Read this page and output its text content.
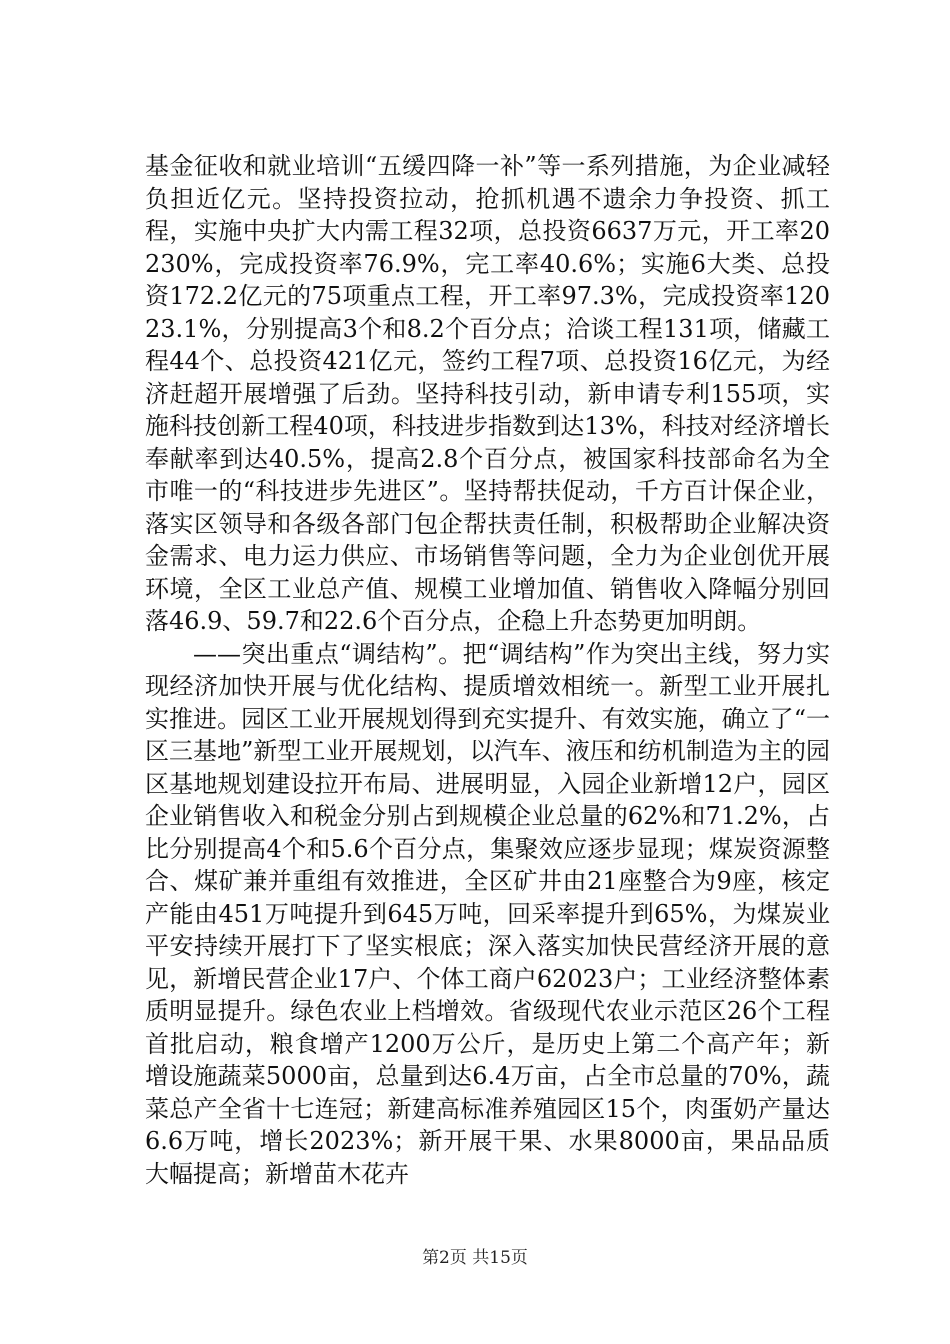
基金征收和就业培训“五缓四降一补”等一系列措施，为企业减轻负担近亿元。坚持投资拉动，抢抓机遇不遗余力争投资、抓工程，实施中央扩大内需工程32项，总投资6637万元，开工率20230%，完成投资率76.9%，完工率40.6%；实施6大类、总投资172.2亿元的75项重点工程，开工率97.3%，完成投资率12023.1%，分别提高3个和8.2个百分点；洽谈工程131项，储藏工程44个、总投资421亿元，签约工程7项、总投资16亿元，为经济赶超开展增强了后劲。坚持科技引动，新申请专利155项，实施科技创新工程40项，科技进步指数到达13%，科技对经济增长奉献率到达40.5%，提高2.8个百分点，被国家科技部命名为全市唯一的“科技进步先进区”。坚持帮扶促动，千方百计保企业，落实区领导和各级各部门包企帮扶责任制，积极帮助企业解决资金需求、电力运力供应、市场销售等问题，全力为企业创优开展环境，全区工业总产值、规模工业增加值、销售收入降幅分别回落46.9、59.7和22.6个百分点，企稳上升态势更加明朗。

——突出重点“调结构”。把“调结构”作为突出主线，努力实现经济加快开展与优化结构、提质增效相统一。新型工业开展扎实推进。园区工业开展规划得到充实提升、有效实施，确立了“一区三基地”新型工业开展规划，以汽车、液压和纺机制造为主的园区基地规划建设拉开布局、进展明显，入园企业新增12户，园区企业销售收入和税金分别占到规模企业总量的62%和71.2%，占比分别提高4个和5.6个百分点，集聚效应逐步显现；煤炭资源整合、煤矿兼并重组有效推进，全区矿井由21座整合为9座，核定产能由451万吨提升到645万吨，回采率提升到65%，为煤炭业平安持续开展打下了坚实根底；深入落实加快民营经济开展的意见，新增民营企业17户、个体工商户62023户；工业经济整体素质明显提升。绿色农业上档增效。省级现代农业示范区26个工程首批启动，粮食增产1200万公斤，是历史上第二个高产年；新增设施蔬菜5000亩，总量到达6.4万亩，占全市总量的70%，蔬菜总产全省十七连冠；新建高标准养殖园区15个，肉蛋奶产量达6.6万吨，增长2023%；新开展干果、水果8000亩，果品品质大幅提高；新增苗木花卉

第2页 共15页
